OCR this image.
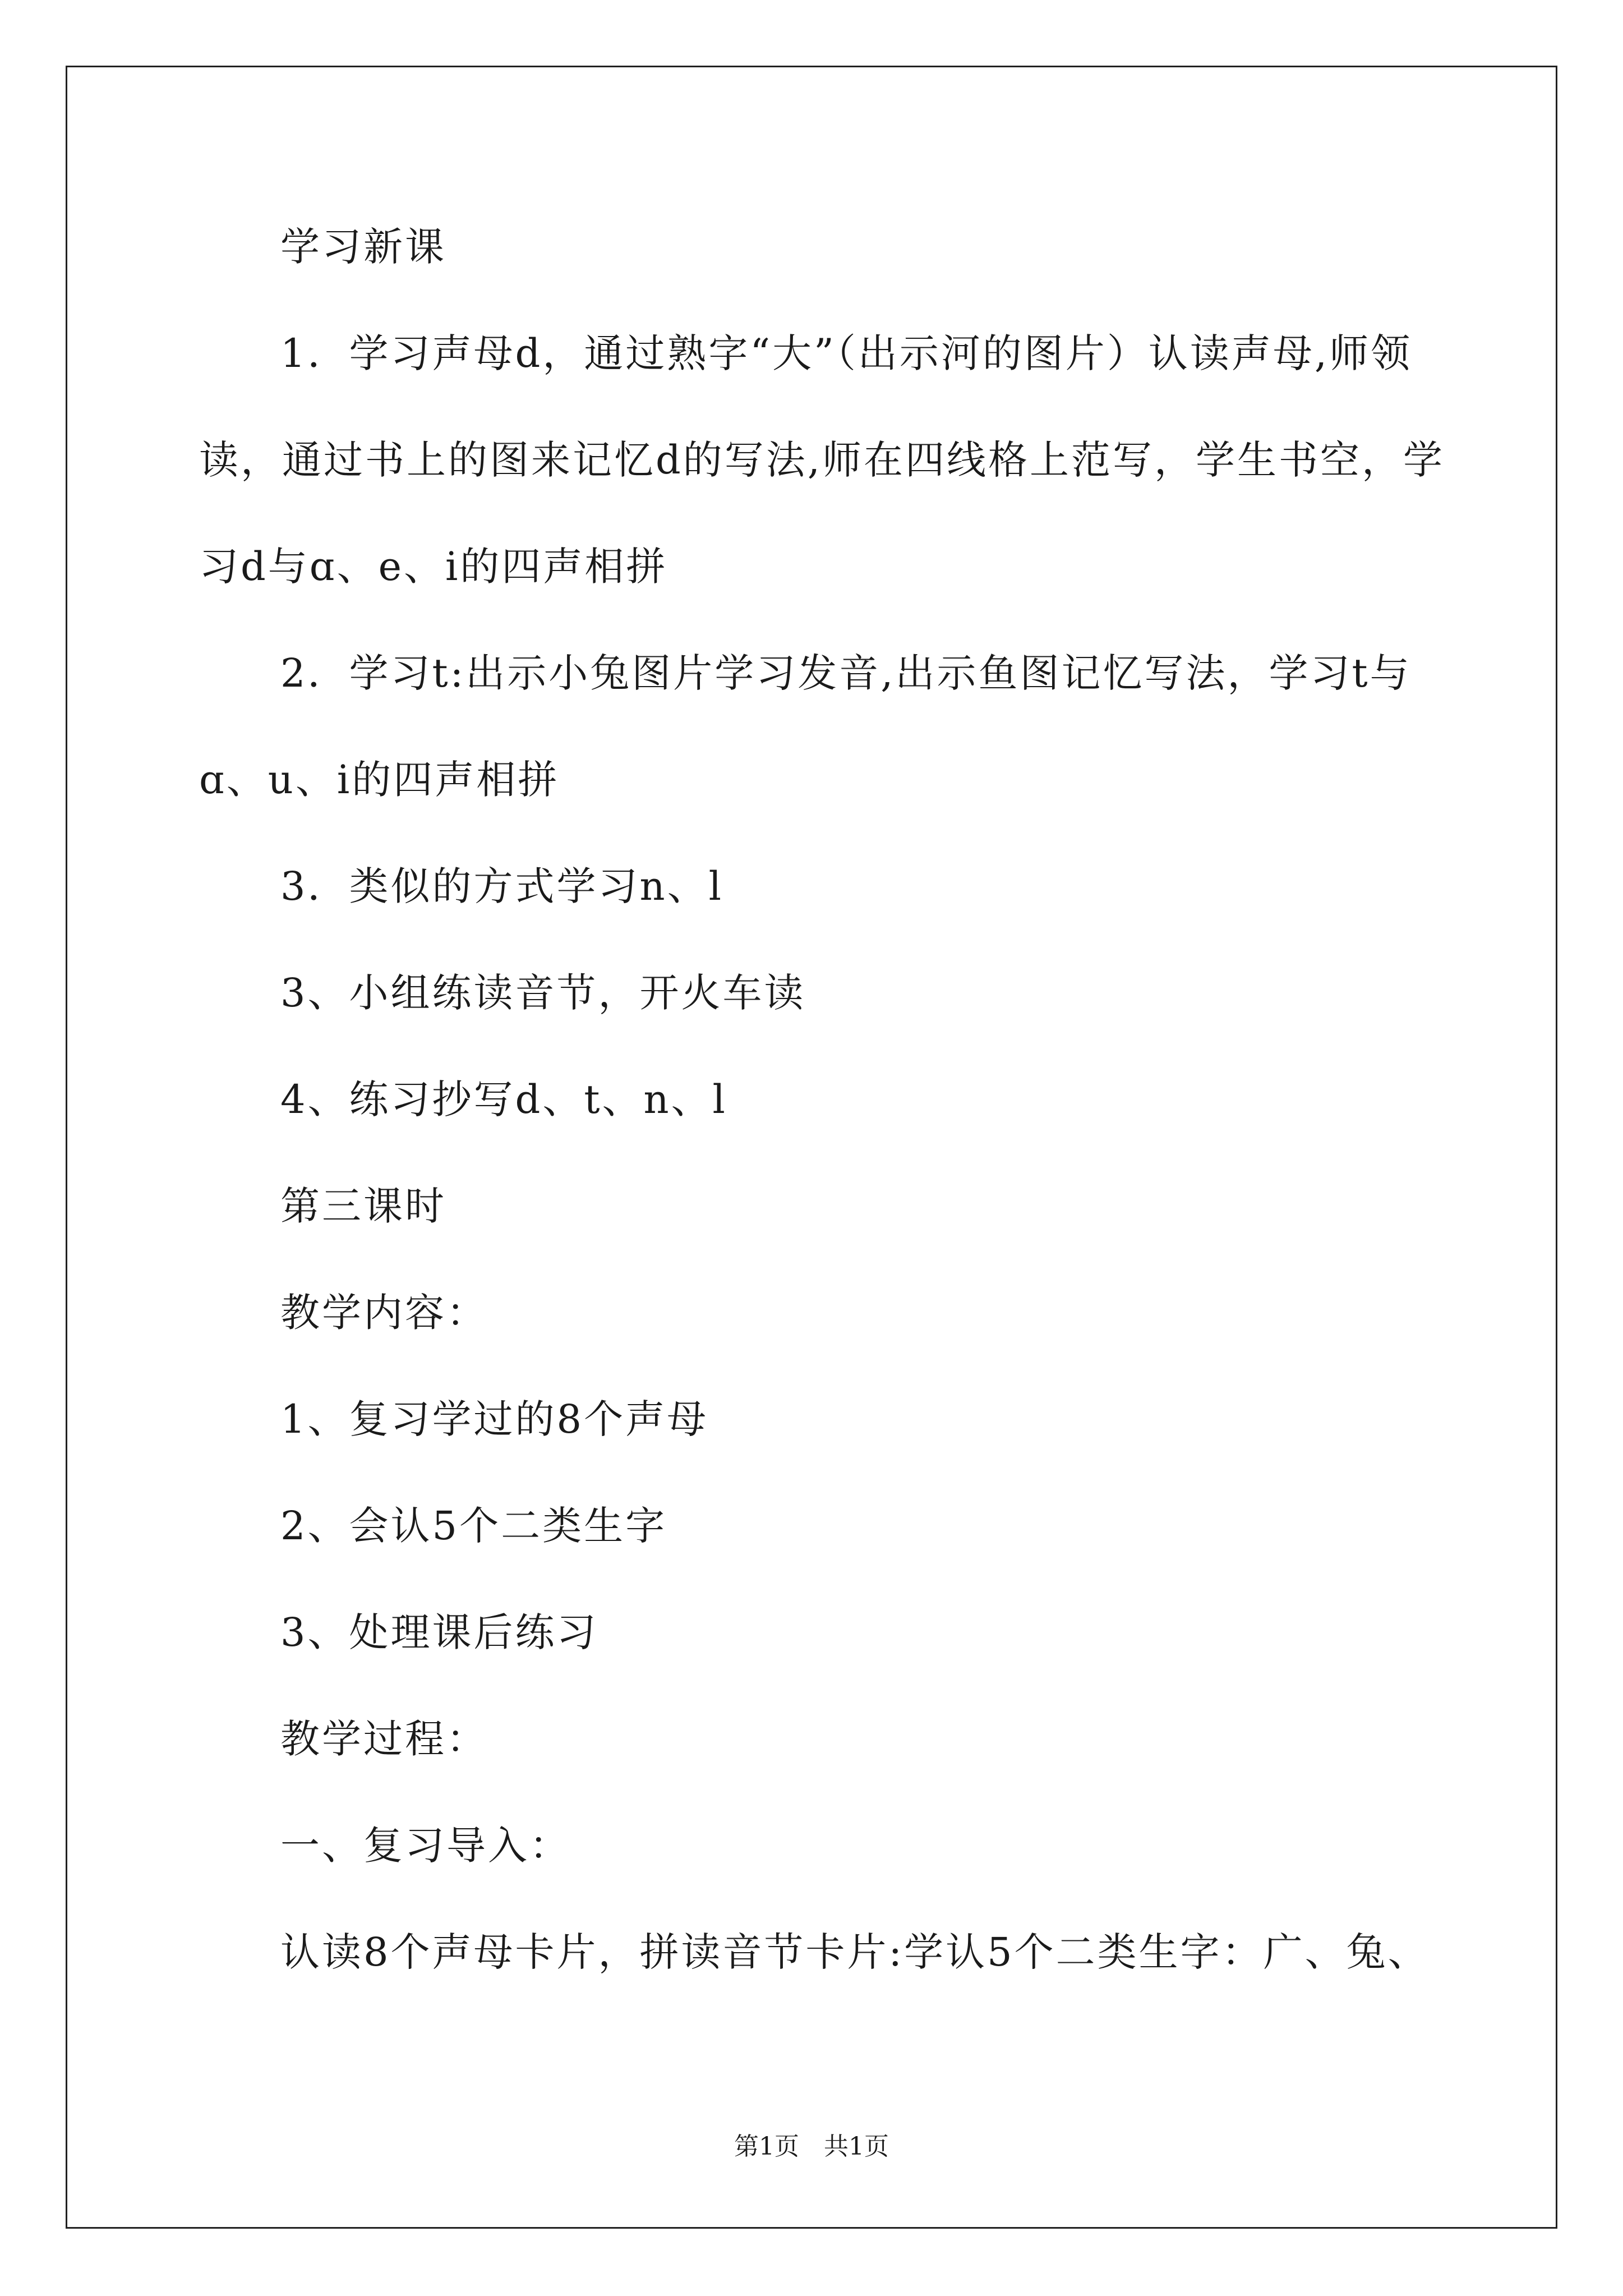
学习新课
1．学习声母d，通过熟字“大”（出示河的图片）认读声母,师领
读，通过书上的图来记忆d的写法,师在四线格上范写，学生书空，学
习d与ɑ、e、i的四声相拼
2．学习t:出示小兔图片学习发音,出示鱼图记忆写法，学习t与
ɑ、u、i的四声相拼
3．类似的方式学习n、l
3、小组练读音节，开火车读
4、练习抄写d、t、n、l
第三课时
教学内容：
1、复习学过的8个声母
2、会认5个二类生字
3、处理课后练习
教学过程：
一、复习导入：
认读8个声母卡片，拼读音节卡片:学认5个二类生字：广、兔、
第1页　共1页
